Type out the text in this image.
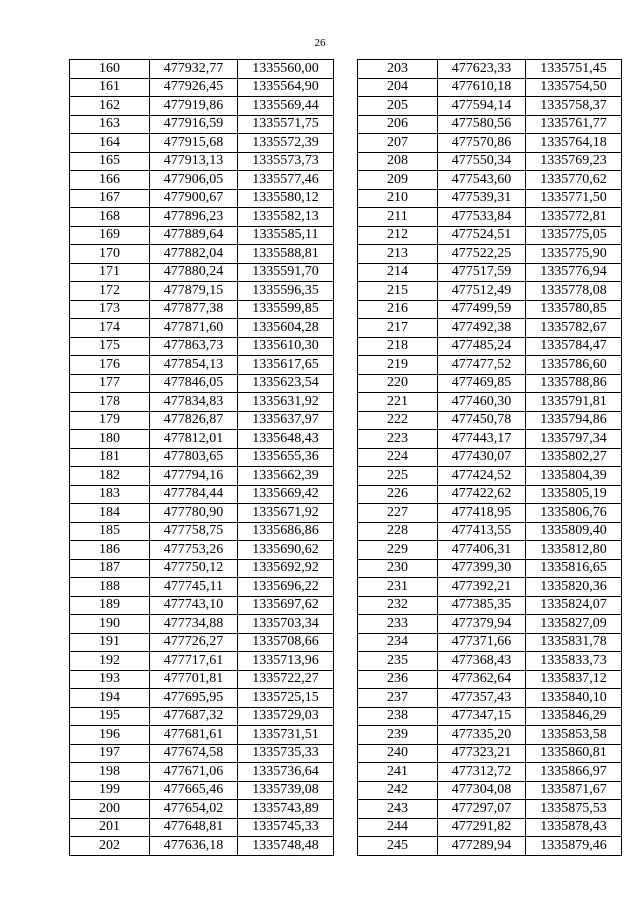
26
160	477932,77	1335560,00
161	477926,45	1335564,90
162	477919,86	1335569,44
163	477916,59	1335571,75
164	477915,68	1335572,39
165	477913,13	1335573,73
166	477906,05	1335577,46
167	477900,67	1335580,12
168	477896,23	1335582,13
169	477889,64	1335585,11
170	477882,04	1335588,81
171	477880,24	1335591,70
172	477879,15	1335596,35
173	477877,38	1335599,85
174	477871,60	1335604,28
175	477863,73	1335610,30
176	477854,13	1335617,65
177	477846,05	1335623,54
178	477834,83	1335631,92
179	477826,87	1335637,97
180	477812,01	1335648,43
181	477803,65	1335655,36
182	477794,16	1335662,39
183	477784,44	1335669,42
184	477780,90	1335671,92
185	477758,75	1335686,86
186	477753,26	1335690,62
187	477750,12	1335692,92
188	477745,11	1335696,22
189	477743,10	1335697,62
190	477734,88	1335703,34
191	477726,27	1335708,66
192	477717,61	1335713,96
193	477701,81	1335722,27
194	477695,95	1335725,15
195	477687,32	1335729,03
196	477681,61	1335731,51
197	477674,58	1335735,33
198	477671,06	1335736,64
199	477665,46	1335739,08
200	477654,02	1335743,89
201	477648,81	1335745,33
202	477636,18	1335748,48
203	477623,33	1335751,45
204	477610,18	1335754,50
205	477594,14	1335758,37
206	477580,56	1335761,77
207	477570,86	1335764,18
208	477550,34	1335769,23
209	477543,60	1335770,62
210	477539,31	1335771,50
211	477533,84	1335772,81
212	477524,51	1335775,05
213	477522,25	1335775,90
214	477517,59	1335776,94
215	477512,49	1335778,08
216	477499,59	1335780,85
217	477492,38	1335782,67
218	477485,24	1335784,47
219	477477,52	1335786,60
220	477469,85	1335788,86
221	477460,30	1335791,81
222	477450,78	1335794,86
223	477443,17	1335797,34
224	477430,07	1335802,27
225	477424,52	1335804,39
226	477422,62	1335805,19
227	477418,95	1335806,76
228	477413,55	1335809,40
229	477406,31	1335812,80
230	477399,30	1335816,65
231	477392,21	1335820,36
232	477385,35	1335824,07
233	477379,94	1335827,09
234	477371,66	1335831,78
235	477368,43	1335833,73
236	477362,64	1335837,12
237	477357,43	1335840,10
238	477347,15	1335846,29
239	477335,20	1335853,58
240	477323,21	1335860,81
241	477312,72	1335866,97
242	477304,08	1335871,67
243	477297,07	1335875,53
244	477291,82	1335878,43
245	477289,94	1335879,46
